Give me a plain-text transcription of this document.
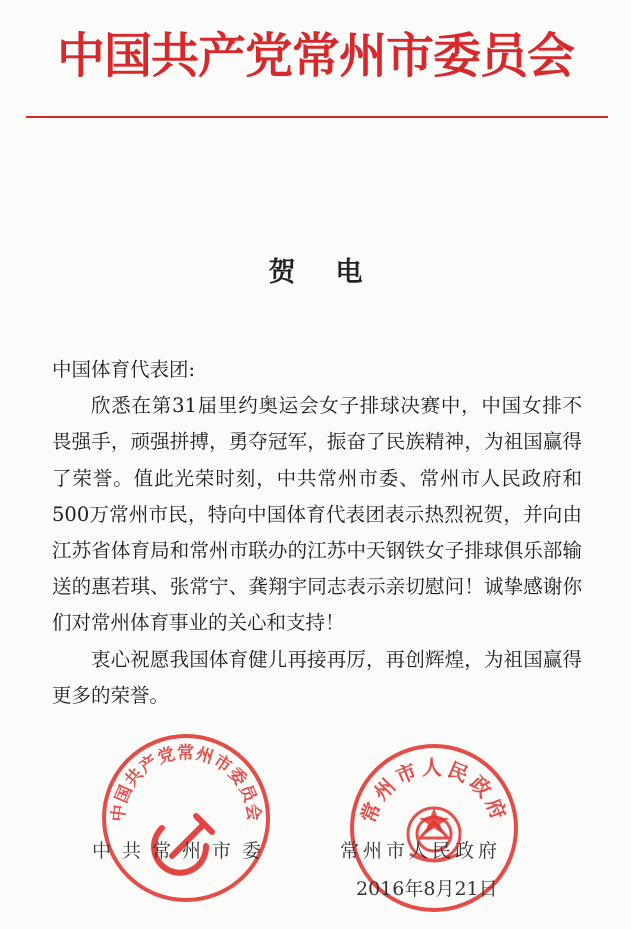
中国共产党常州市委员会
贺电

中国体育代表团:

欣悉在第31届里约奥运会女子排球决赛中，中国女排不畏强手，顽强拼搏，勇夺冠军，振奋了民族精神，为祖国赢得了荣誉。值此光荣时刻，中共常州市委、常州市人民政府和 500万常州市民，特向中国体育代表团表示热烈祝贺，并向由江苏省体育局和常州市联办的江苏中天钢铁女子排球俱乐部输送的惠若琪、张常宁、龚翔宇同志表示亲切慰问！诚挚感谢你们对常州体育事业的关心和支持！

衷心祝愿我国体育健儿再接再厉，再创辉煌，为祖国赢得更多的荣誉。

中国共产党常州市委员会	常州市人民政府
中共常州市委	常州市人民政府
2016年8月21日
